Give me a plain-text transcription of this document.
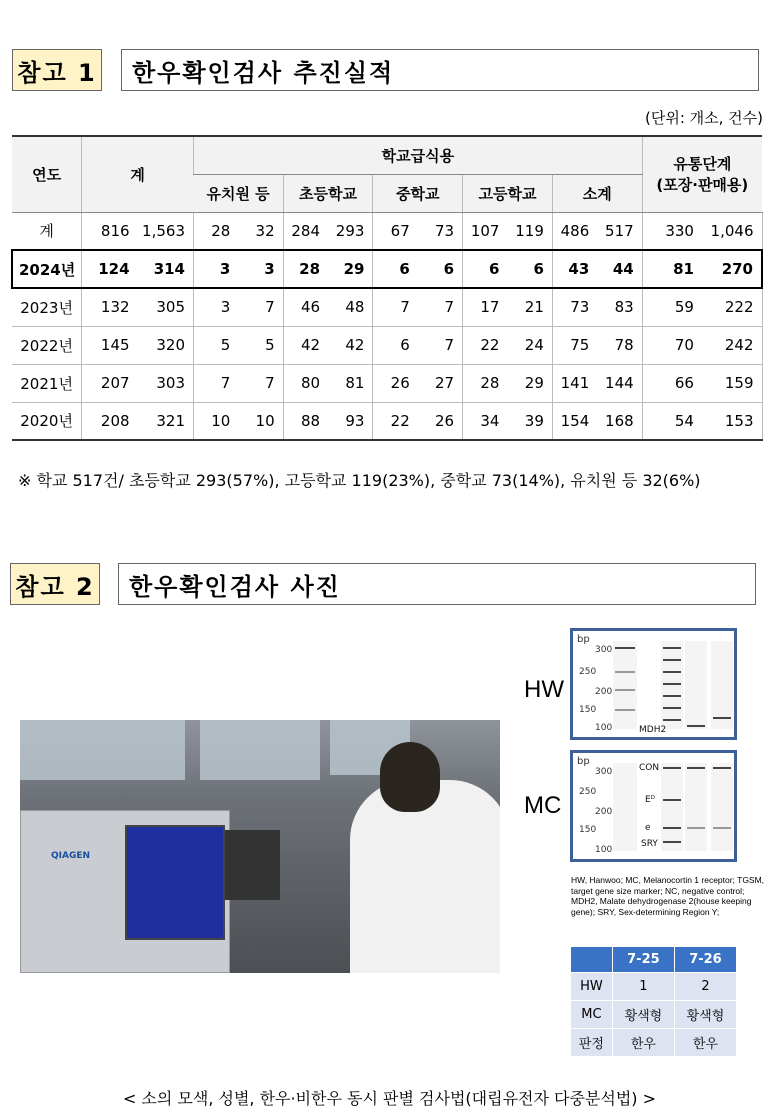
참고 1	한우확인검사 추진실적
(단위: 개소, 건수)
연도	계		학교급식용										유통단계
(포장·판매용)	
			유치원 등		초등학교		중학교		고등학교		소계			
계	816	1,563	28	32	284	293	67	73	107	119	486	517	330	1,046
2024년	124	314	3	3	28	29	6	6	6	6	43	44	81	270
2023년	132	305	3	7	46	48	7	7	17	21	73	83	59	222
2022년	145	320	5	5	42	42	6	7	22	24	75	78	70	242
2021년	207	303	7	7	80	81	26	27	28	29	141	144	66	159
2020년	208	321	10	10	88	93	22	26	34	39	154	168	54	153
※ 학교 517건/ 초등학교 293(57%), 고등학교 119(23%), 중학교 73(14%), 유치원 등 32(6%)
참고 2	한우확인검사 사진
QIAGEN
HW
bp
300
250
200
150
100	MDH2
MC
bp
300
250
200
150
100
CON
Eᴰ
e
SRY
HW, Hanwoo; MC, Melanocortin 1 receptor; TGSM, target gene size marker; NC, negative control; MDH2, Malate dehydrogenase 2(house keeping gene); SRY, Sex-determining Region Y;
	7-25	7-26
HW	1	2
MC	황색형	황색형
판정	한우	한우
< 소의 모색, 성별, 한우·비한우 동시 판별 검사법(대립유전자 다중분석법) >
